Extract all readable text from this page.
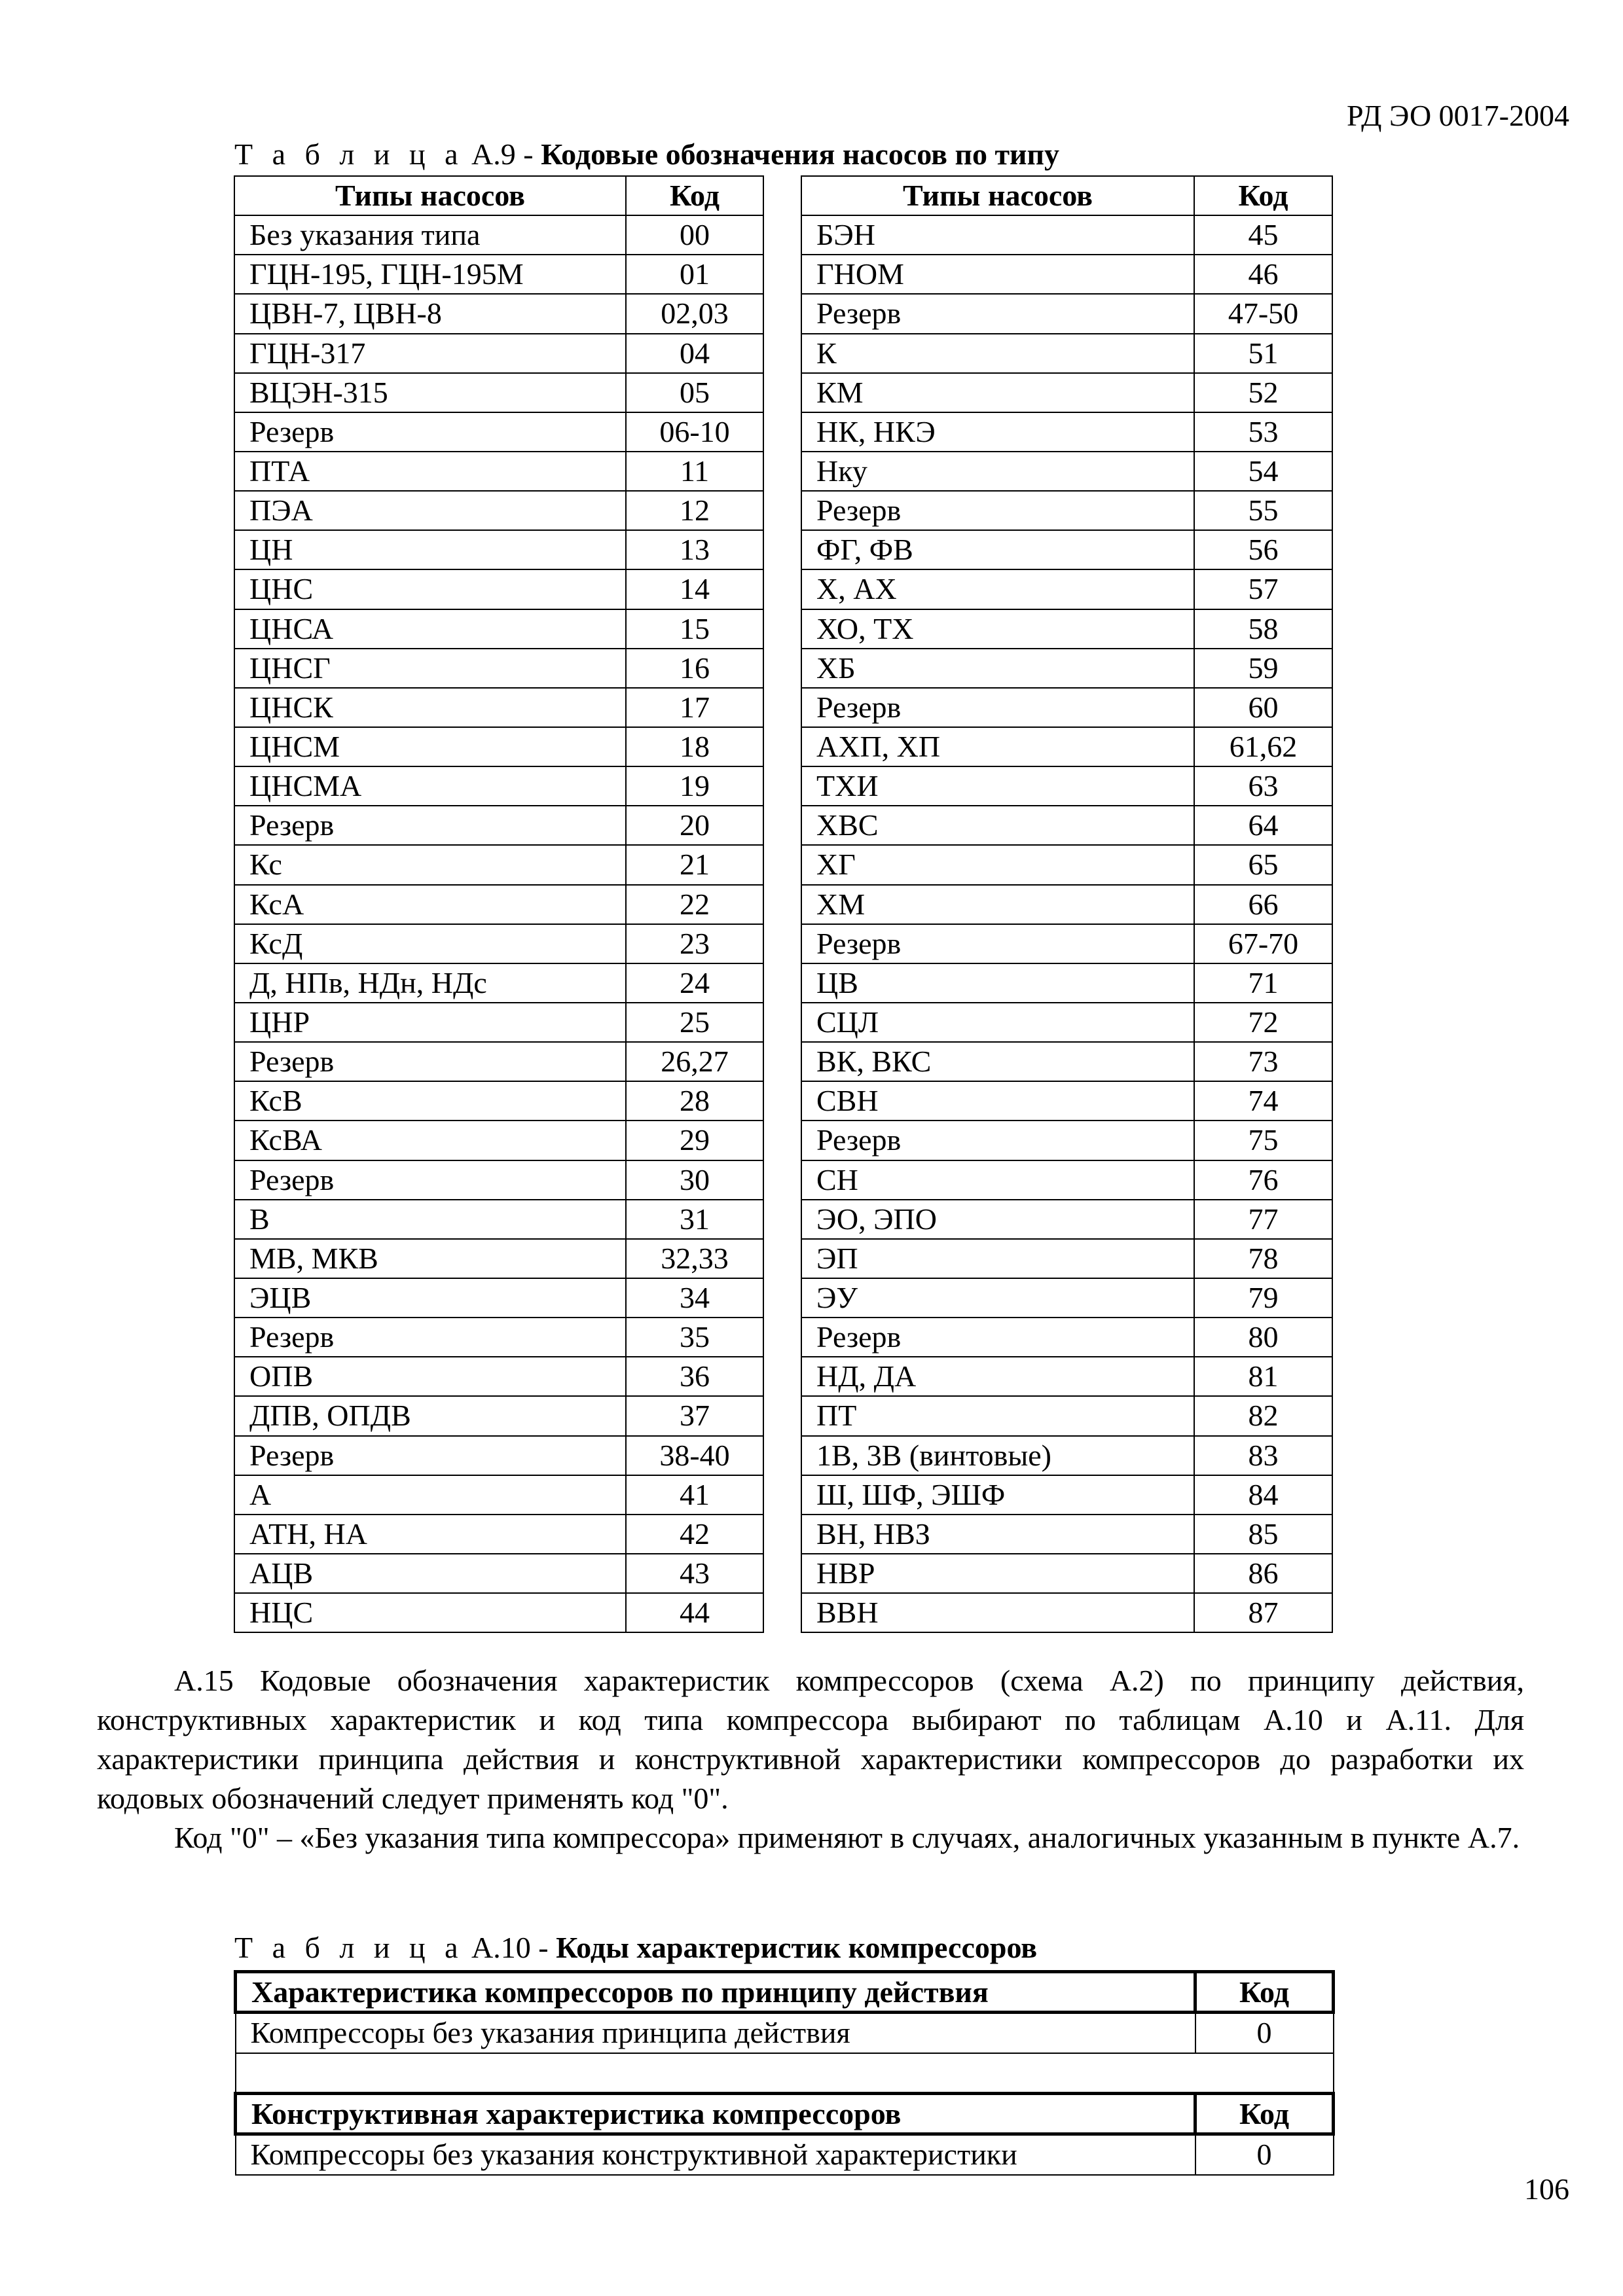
РД ЭО 0017-2004
Т а б л и ц а А.9 - Кодовые обозначения насосов по типу
Типы насосов	Код		Типы насосов	Код
Без указания типа	00		БЭН	45
ГЦН-195, ГЦН-195М	01		ГНОМ	46
ЦВН-7, ЦВН-8	02,03		Резерв	47-50
ГЦН-317	04		К	51
ВЦЭН-315	05		КМ	52
Резерв	06-10		НК, НКЭ	53
ПТА	11		Нку	54
ПЭА	12		Резерв	55
ЦН	13		ФГ, ФВ	56
ЦНС	14		Х, АХ	57
ЦНСА	15		ХО, ТХ	58
ЦНСГ	16		ХБ	59
ЦНСК	17		Резерв	60
ЦНСМ	18		АХП, ХП	61,62
ЦНСМА	19		ТХИ	63
Резерв	20		ХВС	64
Кс	21		ХГ	65
КсА	22		ХМ	66
КсД	23		Резерв	67-70
Д, НПв, НДн, НДс	24		ЦВ	71
ЦНР	25		СЦЛ	72
Резерв	26,27		ВК, ВКС	73
КсВ	28		СВН	74
КсВА	29		Резерв	75
Резерв	30		СН	76
В	31		ЭО, ЭПО	77
МВ, МКВ	32,33		ЭП	78
ЭЦВ	34		ЭУ	79
Резерв	35		Резерв	80
ОПВ	36		НД, ДА	81
ДПВ, ОПДВ	37		ПТ	82
Резерв	38-40		1В, 3В (винтовые)	83
А	41		Ш, ШФ, ЭШФ	84
АТН, НА	42		ВН, НВЗ	85
АЦВ	43		НВР	86
НЦС	44		ВВН	87

А.15 Кодовые обозначения характеристик компрессоров (схема А.2) по принципу действия, конструктивных характеристик и код типа компрессора выбирают по таблицам А.10 и А.11. Для характеристики принципа действия и конструктивной характеристики компрессоров до разработки их кодовых обозначений следует применять код "0".

Код "0" – «Без указания типа компрессора» применяют в случаях, аналогичных указанным в пункте А.7.

Т а б л и ц а А.10 - Коды характеристик компрессоров
Характеристика компрессоров по принципу действия	Код
Компрессоры без указания принципа действия	0

Конструктивная характеристика компрессоров	Код
Компрессоры без указания конструктивной характеристики	0
106
